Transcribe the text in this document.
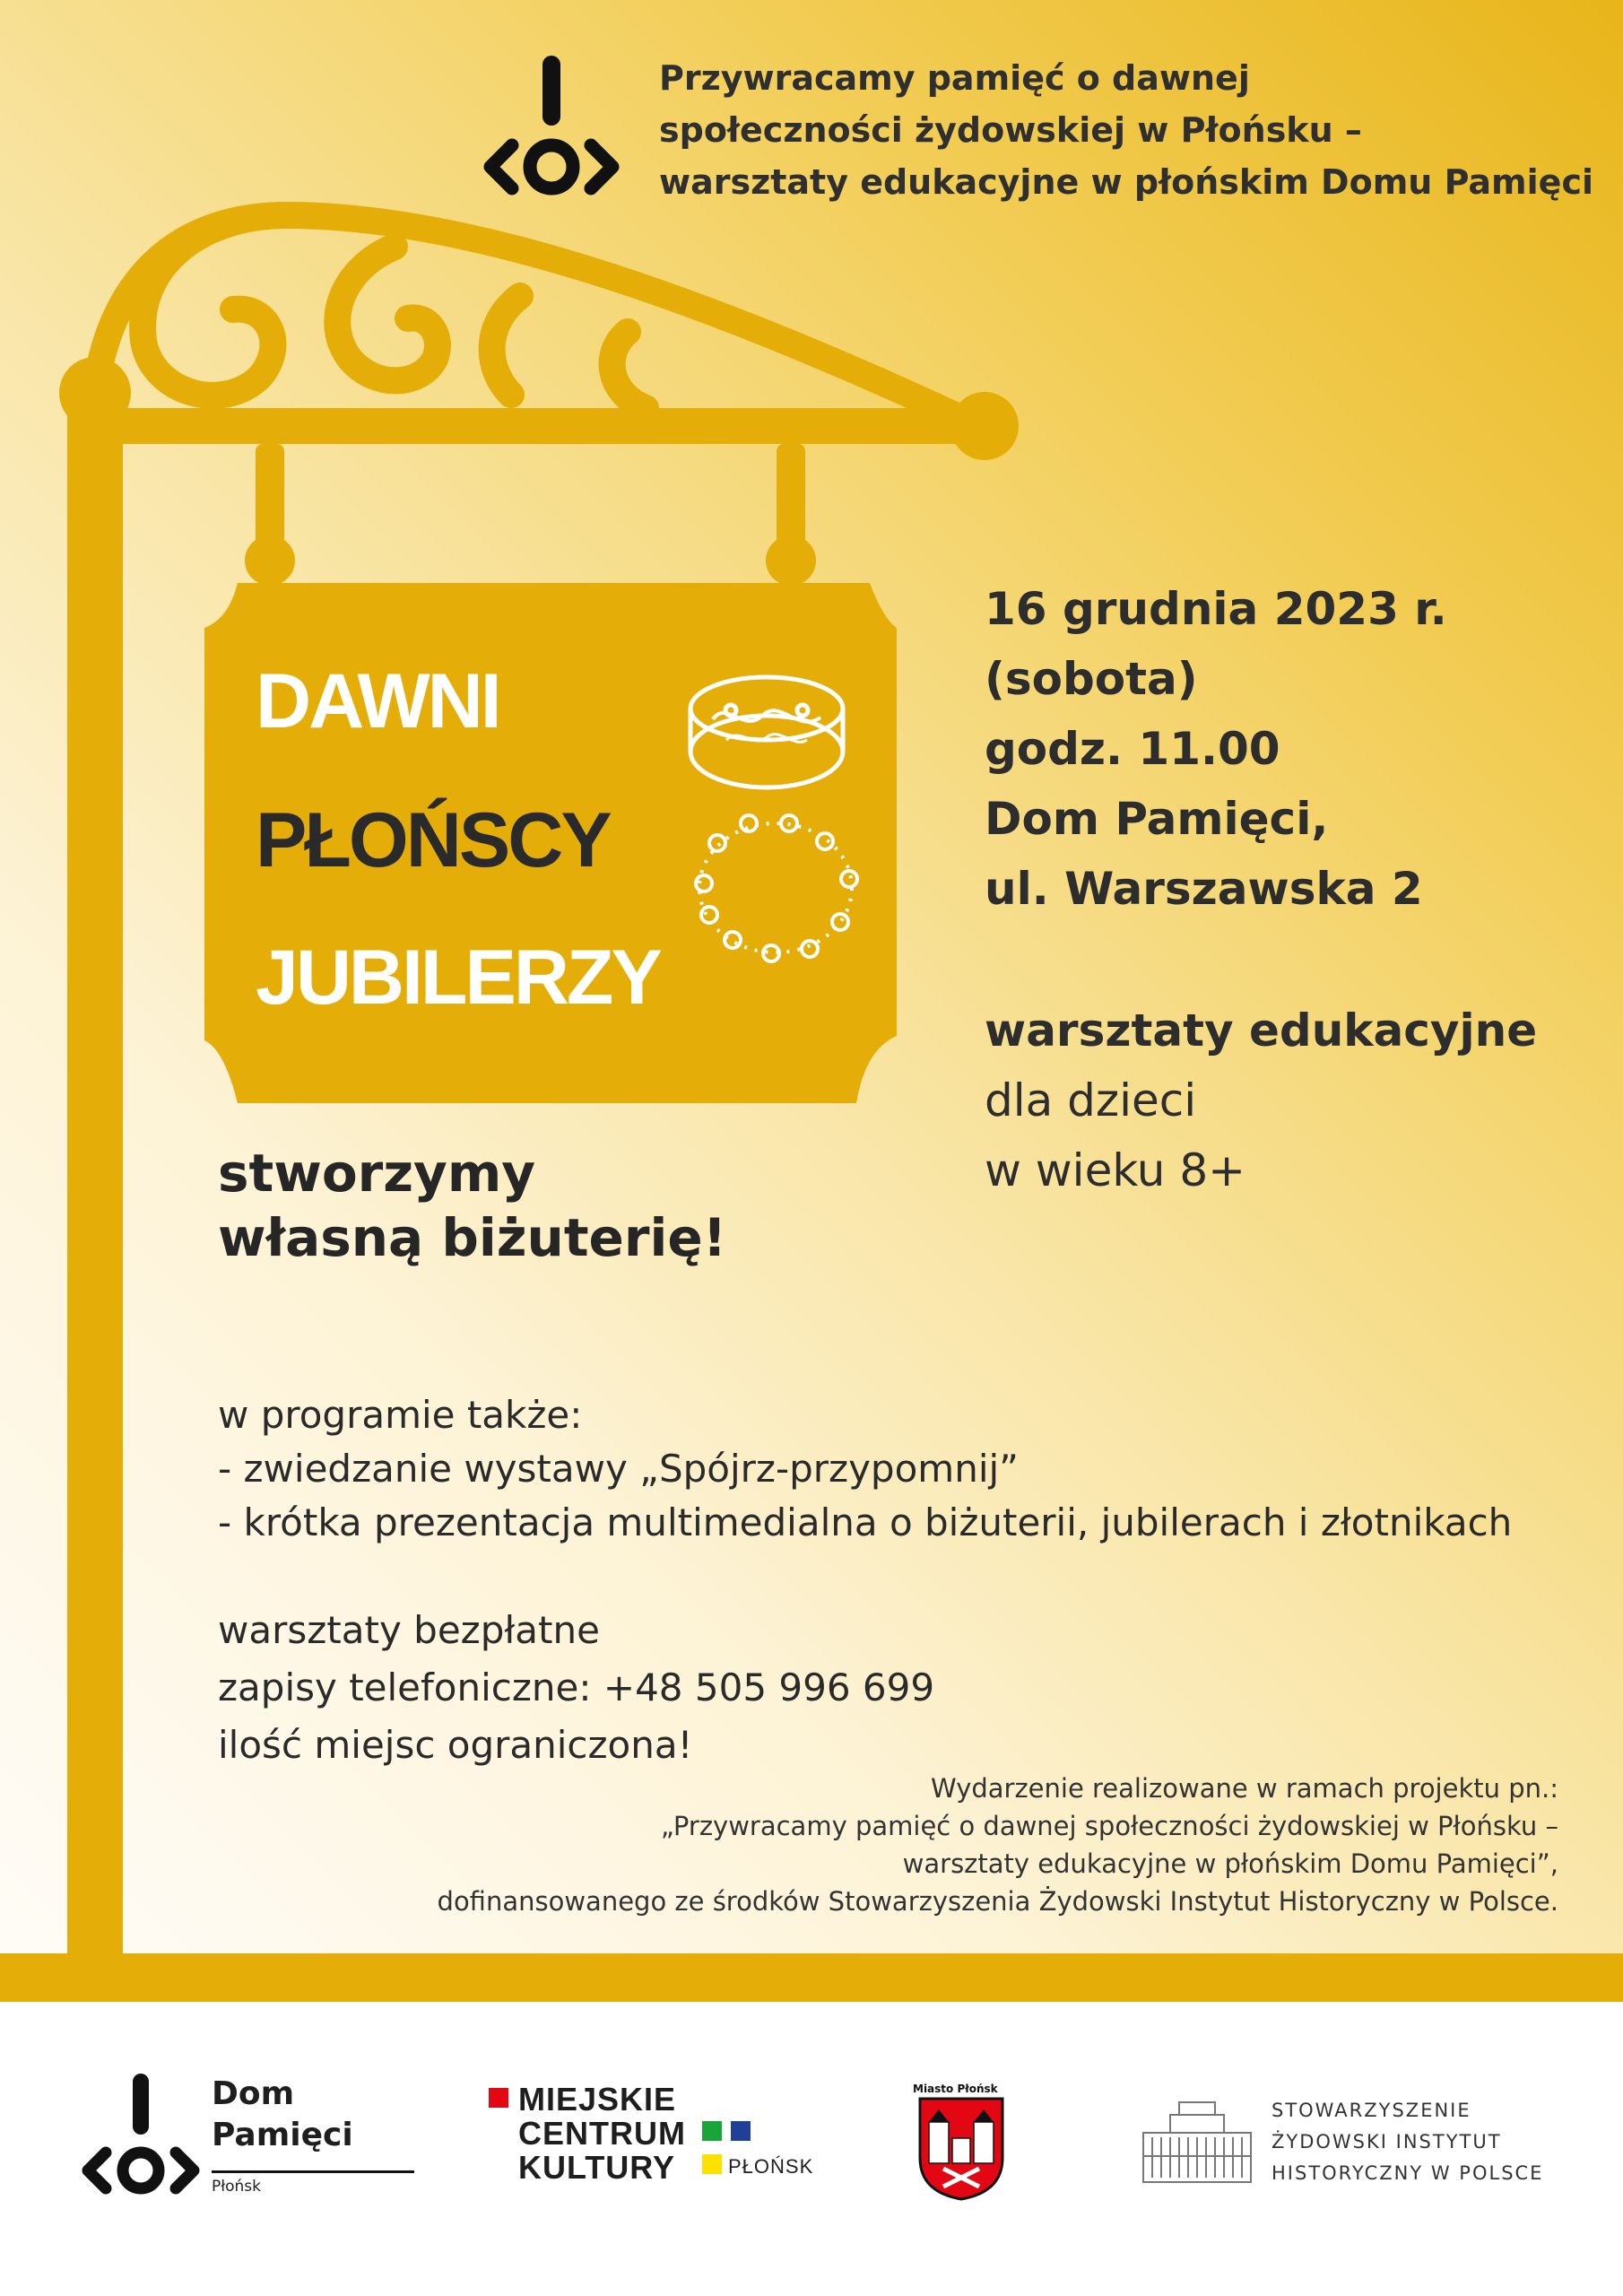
Przywracamy pamięć o dawnej
społeczności żydowskiej w Płońsku –
warsztaty edukacyjne w płońskim Domu Pamięci
DAWNI
PŁOŃSCY
JUBILERZY
16 grudnia 2023 r.
(sobota)
godz. 11.00
Dom Pamięci,
ul. Warszawska 2
warsztaty edukacyjne
dla dzieci
w wieku 8+
stworzymy
własną biżuterię!
w programie także:
- zwiedzanie wystawy „Spójrz-przypomnij”
- krótka prezentacja multimedialna o biżuterii, jubilerach i złotnikach
warsztaty bezpłatne
zapisy telefoniczne: +48 505 996 699
ilość miejsc ograniczona!
Wydarzenie realizowane w ramach projektu pn.:
„Przywracamy pamięć o dawnej społeczności żydowskiej w Płońsku –
warsztaty edukacyjne w płońskim Domu Pamięci”,
dofinansowanego ze środków Stowarzyszenia Żydowski Instytut Historyczny w Polsce.
Dom
Pamięci
Płońsk
MIEJSKIE
CENTRUM
KULTURY	PŁOŃSK
Miasto Płońsk
STOWARZYSZENIE
ŻYDOWSKI INSTYTUT
HISTORYCZNY W POLSCE
